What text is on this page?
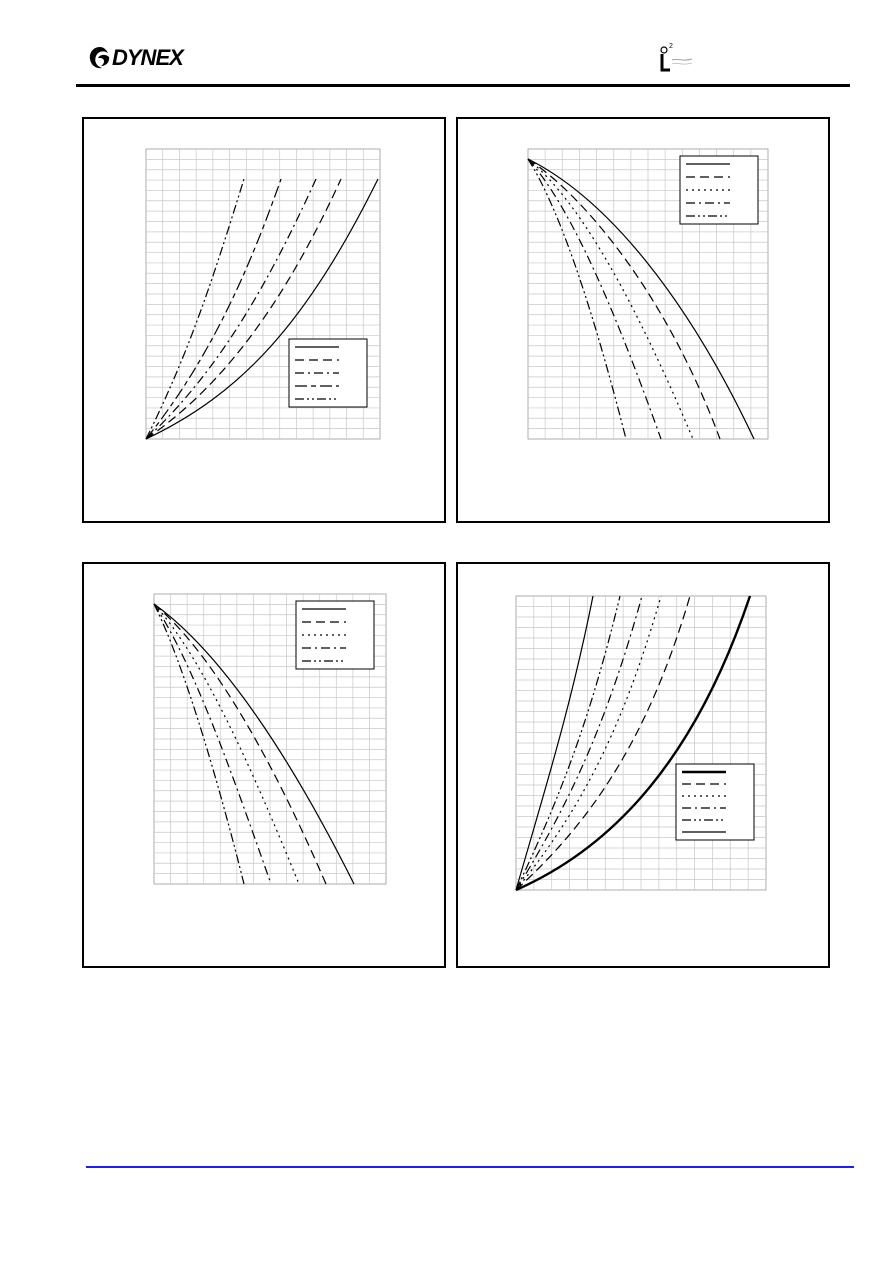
DYNEX	2
